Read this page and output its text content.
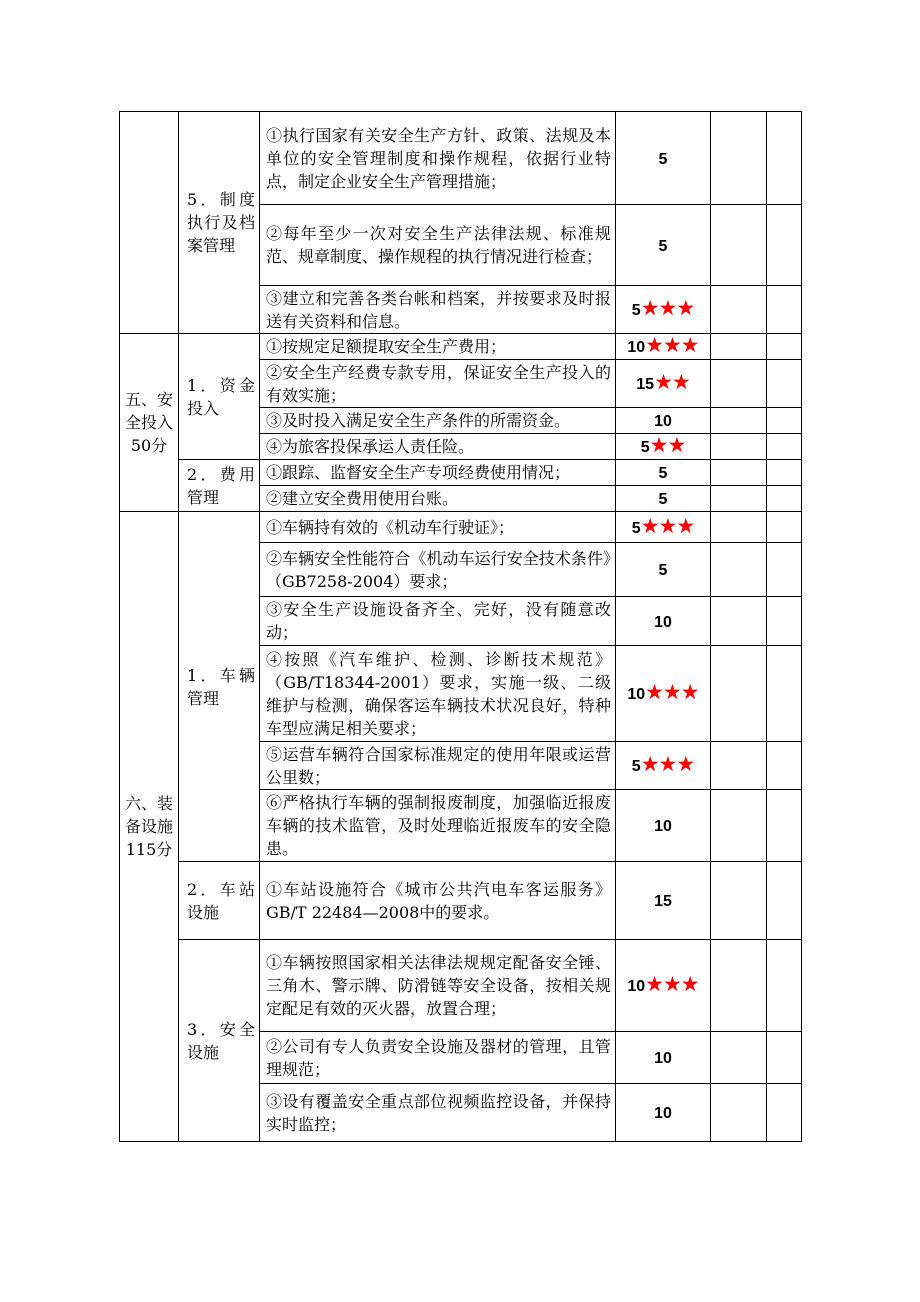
	5．制度执行及档案管理	①执行国家有关安全生产方针、政策、法规及本单位的安全管理制度和操作规程，依据行业特点，制定企业安全生产管理措施；	5		
		②每年至少一次对安全生产法律法规、标准规范、规章制度、操作规程的执行情况进行检查；	5		
		③建立和完善各类台帐和档案，并按要求及时报送有关资料和信息。	5★★★		
五、安全投入50分	1．资金投入	①按规定足额提取安全生产费用；	10★★★		
		②安全生产经费专款专用，保证安全生产投入的有效实施；	15★★		
		③及时投入满足安全生产条件的所需资金。	10		
		④为旅客投保承运人责任险。	5★★		
	2．费用管理	①跟踪、监督安全生产专项经费使用情况；	5		
		②建立安全费用使用台账。	5		
六、装备设施115分	1．车辆管理	①车辆持有效的《机动车行驶证》；	5★★★		
		②车辆安全性能符合《机动车运行安全技术条件》（GB7258-2004）要求；	5		
		③安全生产设施设备齐全、完好，没有随意改动；	10		
		④按照《汽车维护、检测、诊断技术规范》（GB/T18344-2001）要求，实施一级、二级维护与检测，确保客运车辆技术状况良好，特种车型应满足相关要求；	10★★★		
		⑤运营车辆符合国家标准规定的使用年限或运营公里数；	5★★★		
		⑥严格执行车辆的强制报废制度，加强临近报废车辆的技术监管，及时处理临近报废车的安全隐患。	10		
	2．车站设施	①车站设施符合《城市公共汽电车客运服务》GB/T 22484—2008中的要求。	15		
	3．安全设施	①车辆按照国家相关法律法规规定配备安全锤、三角木、警示牌、防滑链等安全设备，按相关规定配足有效的灭火器，放置合理；	10★★★		
		②公司有专人负责安全设施及器材的管理，且管理规范；	10		
		③设有覆盖安全重点部位视频监控设备，并保持实时监控；	10		
